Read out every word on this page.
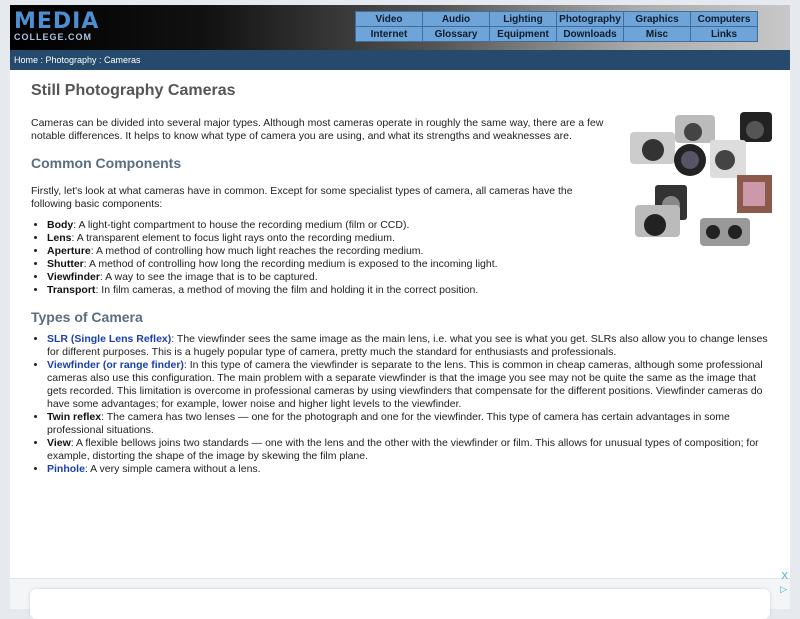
MEDIA
COLLEGE.COM
Video	Audio	Lighting	Photography	Graphics	Computers
Internet	Glossary	Equipment	Downloads	Misc	Links
Home : Photography : Cameras
Still Photography Cameras

Cameras can be divided into several major types. Although most cameras operate in roughly the same way, there are a few notable differences. It helps to know what type of camera you are using, and what its strengths and weaknesses are.

Common Components

Firstly, let's look at what cameras have in common. Except for some specialist types of camera, all cameras have the following basic components:

• Body: A light-tight compartment to house the recording medium (film or CCD).
• Lens: A transparent element to focus light rays onto the recording medium.
• Aperture: A method of controlling how much light reaches the recording medium.
• Shutter: A method of controlling how long the recording medium is exposed to the incoming light.
• Viewfinder: A way to see the image that is to be captured.
• Transport: In film cameras, a method of moving the film and holding it in the correct position.
Types of Camera
• SLR (Single Lens Reflex): The viewfinder sees the same image as the main lens, i.e. what you see is what you get. SLRs also allow you to change lenses for different purposes. This is a hugely popular type of camera, pretty much the standard for enthusiasts and professionals.
• Viewfinder (or range finder): In this type of camera the viewfinder is separate to the lens. This is common in cheap cameras, although some professional cameras also use this configuration. The main problem with a separate viewfinder is that the image you see may not be quite the same as the image that gets recorded. This limitation is overcome in professional cameras by using viewfinders that compensate for the different positions. Viewfinder cameras do have some advantages; for example, lower noise and higher light levels to the viewfinder.
• Twin reflex: The camera has two lenses — one for the photograph and one for the viewfinder. This type of camera has certain advantages in some professional situations.
• View: A flexible bellows joins two standards — one with the lens and the other with the viewfinder or film. This allows for unusual types of composition; for example, distorting the shape of the image by skewing the film plane.
• Pinhole: A very simple camera without a lens.
X
▷
